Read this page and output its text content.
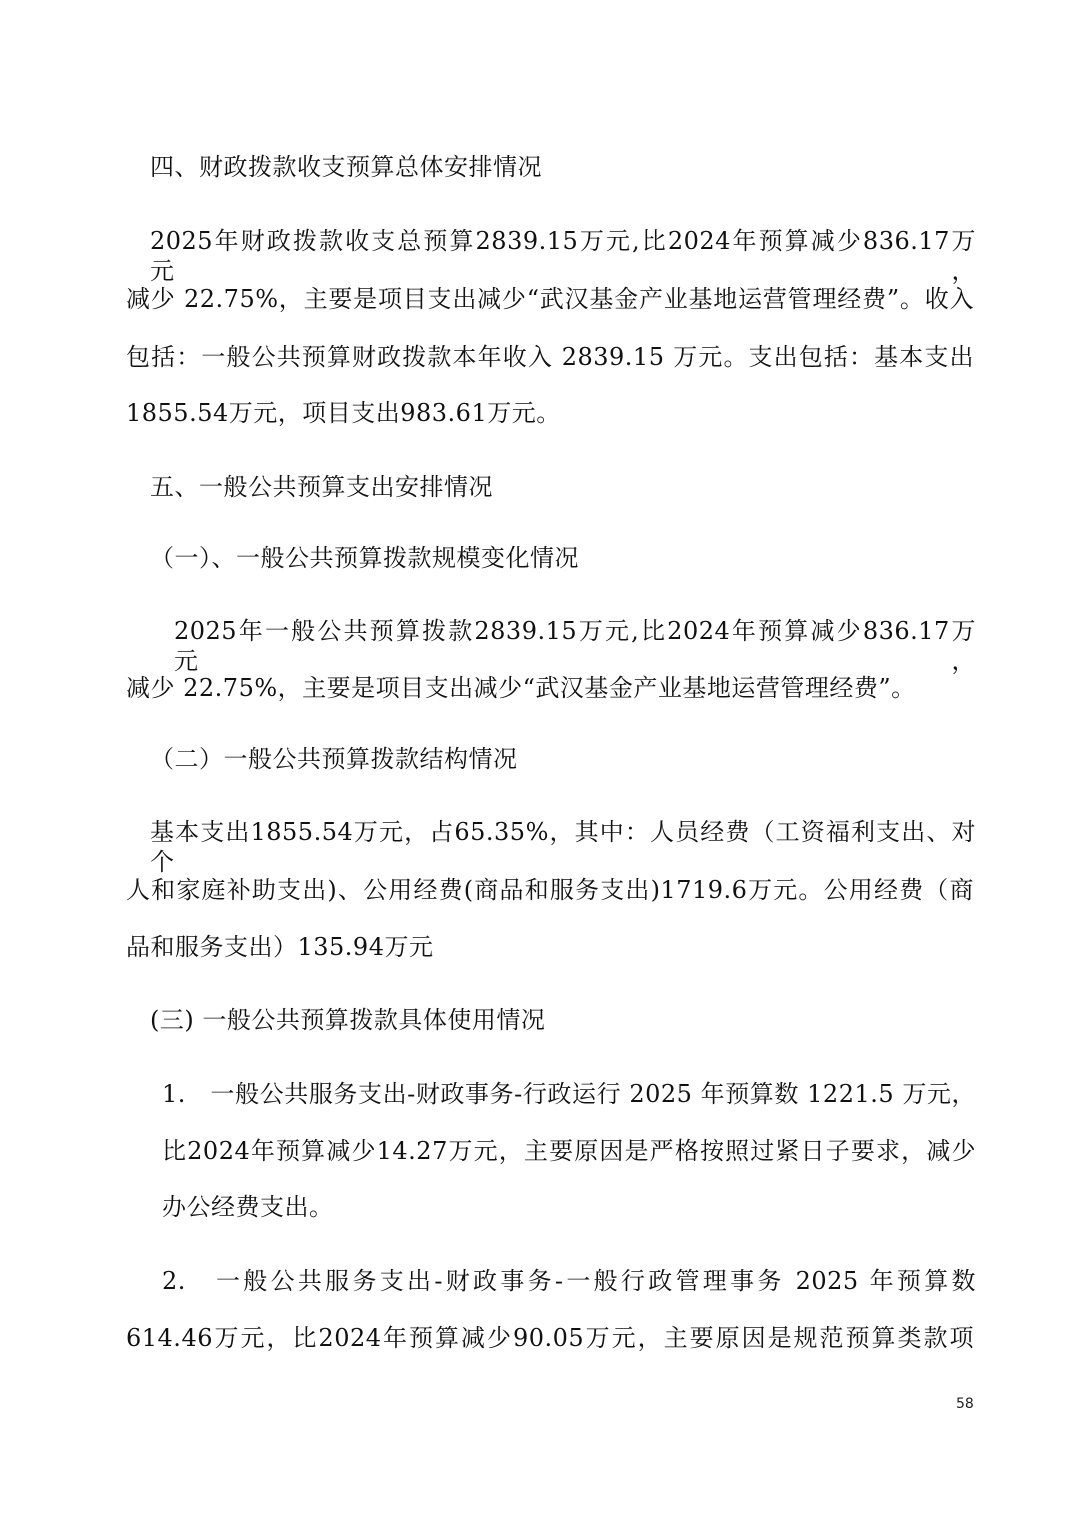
四、财政拨款收支预算总体安排情况
2025年财政拨款收支总预算2839.15万元,比2024年预算减少836.17万元，
减少 22.75%，主要是项目支出减少“武汉基金产业基地运营管理经费”。收入
包括：一般公共预算财政拨款本年收入 2839.15 万元。支出包括：基本支出
1855.54万元，项目支出983.61万元。
五、一般公共预算支出安排情况
（一）、一般公共预算拨款规模变化情况
2025年一般公共预算拨款2839.15万元,比2024年预算减少836.17万元，
减少 22.75%，主要是项目支出减少“武汉基金产业基地运营管理经费”。
（二）一般公共预算拨款结构情况
基本支出1855.54万元，占65.35%，其中：人员经费（工资福利支出、对个
人和家庭补助支出)、公用经费(商品和服务支出)1719.6万元。公用经费（商
品和服务支出）135.94万元
(三) 一般公共预算拨款具体使用情况
1.　一般公共服务支出-财政事务-行政运行 2025 年预算数 1221.5 万元，
比2024年预算减少14.27万元，主要原因是严格按照过紧日子要求，减少
办公经费支出。
2.　一般公共服务支出-财政事务-一般行政管理事务 2025 年预算数
614.46万元，比2024年预算减少90.05万元，主要原因是规范预算类款项
58
